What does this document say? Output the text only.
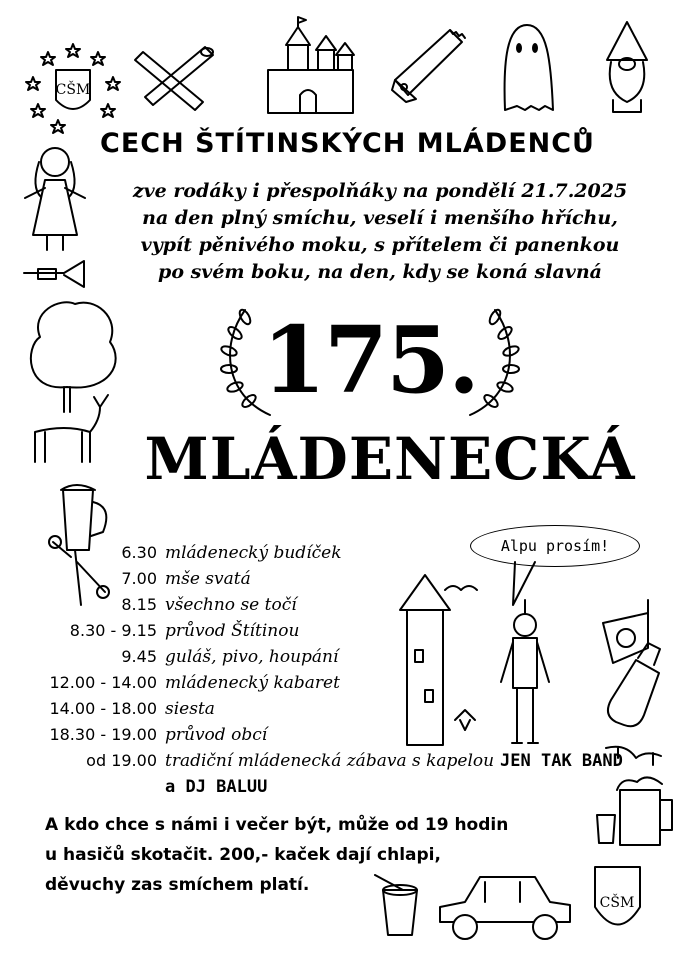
CŠM
CŠM
CECH ŠTÍTINSKÝCH MLÁDENCŮ
zve rodáky i přespolňáky na pondělí 21.7.2025
na den plný smíchu, veselí i menšího hříchu,
vypít pěnivého moku, s přítelem či panenkou
po svém boku, na den, kdy se koná slavná
175.
MLÁDENECKÁ
Alpu prosím!
6.30 mládenecký budíček
7.00 mše svatá
8.15 všechno se točí
8.30 - 9.15 průvod Štítinou
9.45 guláš, pivo, houpání
12.00 - 14.00 mládenecký kabaret
14.00 - 18.00 siesta
18.30 - 19.00 průvod obcí
od 19.00 tradiční mládenecká zábava s kapelou
JEN TAK BAND
a DJ BALUU
A kdo chce s námi i večer být, může od 19 hodin
u hasičů skotačit. 200,- kaček dají chlapi,
děvuchy zas smíchem platí.
